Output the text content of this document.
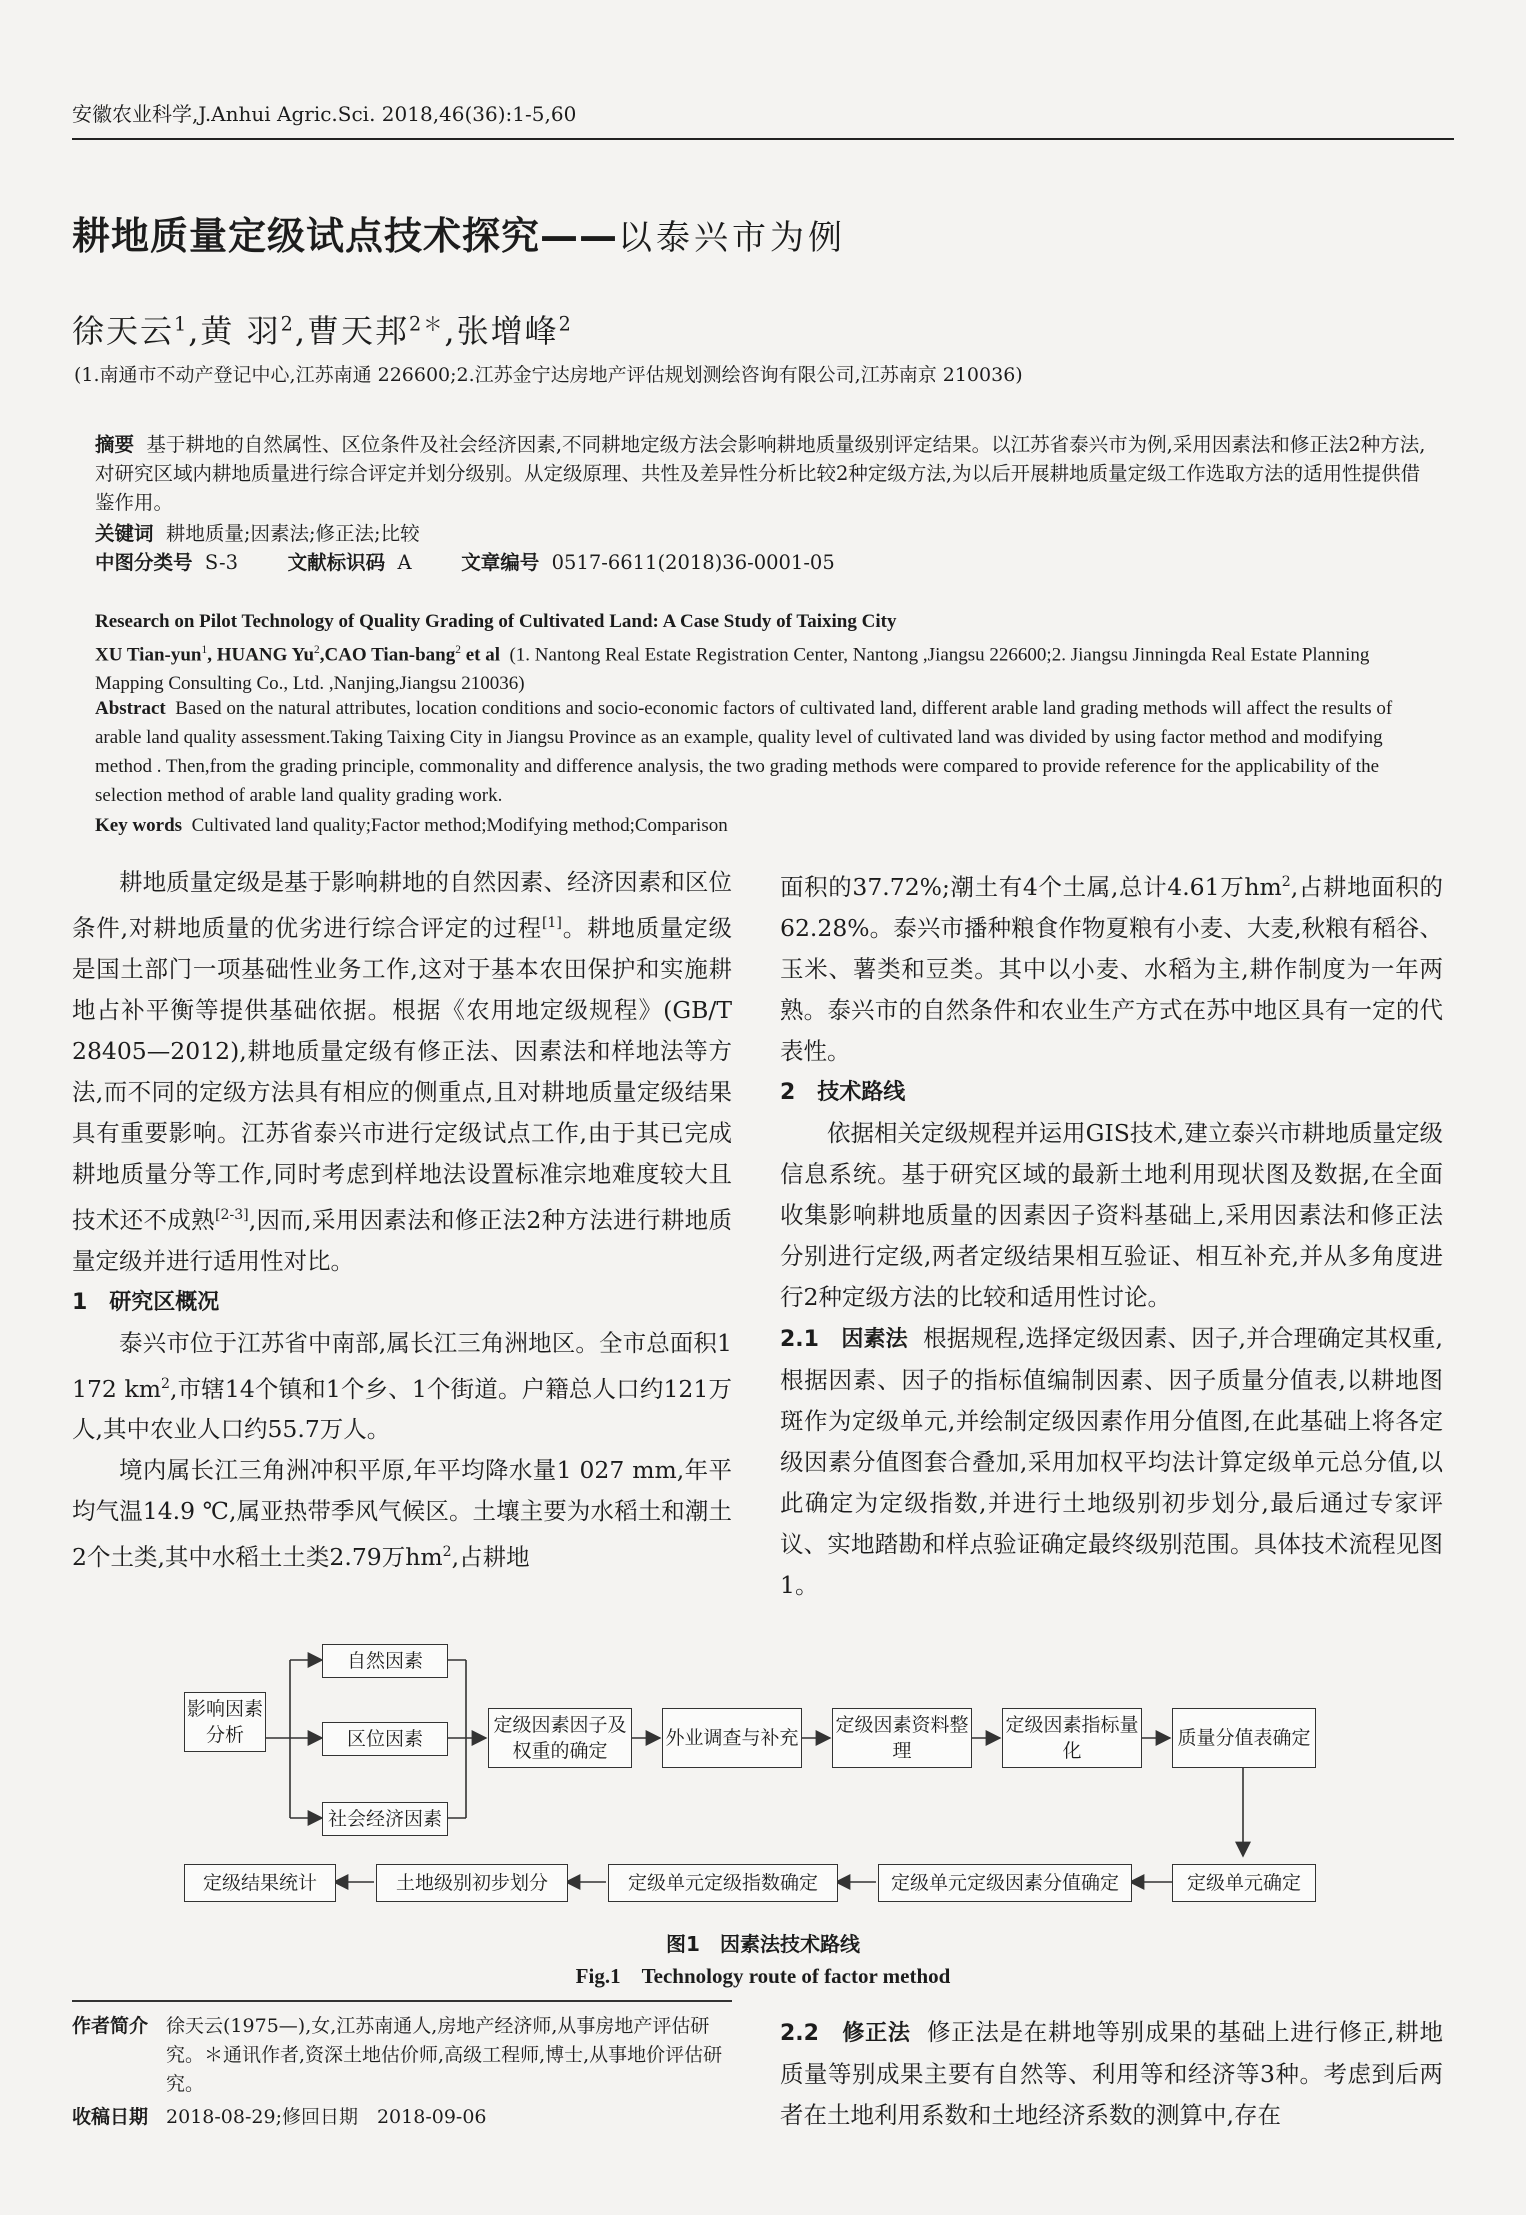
安徽农业科学,J.Anhui Agric.Sci. 2018,46(36):1-5,60
耕地质量定级试点技术探究——以泰兴市为例
徐天云$^1$,黄 羽$^2$,曹天邦$^{2*}$,张增峰$^2$
(1.南通市不动产登记中心,江苏南通 226600;2.江苏金宁达房地产评估规划测绘咨询有限公司,江苏南京 210036)
摘要 基于耕地的自然属性、区位条件及社会经济因素,不同耕地定级方法会影响耕地质量级别评定结果。以江苏省泰兴市为例,采用因素法和修正法2种方法,对研究区域内耕地质量进行综合评定并划分级别。从定级原理、共性及差异性分析比较2种定级方法,为以后开展耕地质量定级工作选取方法的适用性提供借鉴作用。
关键词 耕地质量;因素法;修正法;比较
中图分类号 S-3	文献标识码 A	文章编号 0517-6611(2018)36-0001-05
Research on Pilot Technology of Quality Grading of Cultivated Land: A Case Study of Taixing City
XU Tian-yun$^1$, HUANG Yu$^2$,CAO Tian-bang$^2$ et al (1. Nantong Real Estate Registration Center, Nantong ,Jiangsu 226600;2. Jiangsu Jinningda Real Estate Planning Mapping Consulting Co., Ltd. ,Nanjing,Jiangsu 210036)
Abstract Based on the natural attributes, location conditions and socio-economic factors of cultivated land, different arable land grading methods will affect the results of arable land quality assessment.Taking Taixing City in Jiangsu Province as an example, quality level of cultivated land was divided by using factor method and modifying method . Then,from the grading principle, commonality and difference analysis, the two grading methods were compared to provide reference for the applicability of the selection method of arable land quality grading work.
Key words Cultivated land quality;Factor method;Modifying method;Comparison

耕地质量定级是基于影响耕地的自然因素、经济因素和区位条件,对耕地质量的优劣进行综合评定的过程[1]。耕地质量定级是国土部门一项基础性业务工作,这对于基本农田保护和实施耕地占补平衡等提供基础依据。根据《农用地定级规程》(GB/T 28405—2012),耕地质量定级有修正法、因素法和样地法等方法,而不同的定级方法具有相应的侧重点,且对耕地质量定级结果具有重要影响。江苏省泰兴市进行定级试点工作,由于其已完成耕地质量分等工作,同时考虑到样地法设置标准宗地难度较大且技术还不成熟[2-3],因而,采用因素法和修正法2种方法进行耕地质量定级并进行适用性对比。

1　研究区概况

泰兴市位于江苏省中南部,属长江三角洲地区。全市总面积1 172 $km^2$,市辖14个镇和1个乡、1个街道。户籍总人口约121万人,其中农业人口约55.7万人。

境内属长江三角洲冲积平原,年平均降水量1 027 mm,年平均气温14.9 ℃,属亚热带季风气候区。土壤主要为水稻土和潮土2个土类,其中水稻土土类2.79万$hm^2$,占耕地

面积的37.72%;潮土有4个土属,总计4.61万$hm^2$,占耕地面积的62.28%。泰兴市播种粮食作物夏粮有小麦、大麦,秋粮有稻谷、玉米、薯类和豆类。其中以小麦、水稻为主,耕作制度为一年两熟。泰兴市的自然条件和农业生产方式在苏中地区具有一定的代表性。

2　技术路线

依据相关定级规程并运用GIS技术,建立泰兴市耕地质量定级信息系统。基于研究区域的最新土地利用现状图及数据,在全面收集影响耕地质量的因素因子资料基础上,采用因素法和修正法分别进行定级,两者定级结果相互验证、相互补充,并从多角度进行2种定级方法的比较和适用性讨论。

2.1　因素法 根据规程,选择定级因素、因子,并合理确定其权重,根据因素、因子的指标值编制因素、因子质量分值表,以耕地图斑作为定级单元,并绘制定级因素作用分值图,在此基础上将各定级因素分值图套合叠加,采用加权平均法计算定级单元总分值,以此确定为定级指数,并进行土地级别初步划分,最后通过专家评议、实地踏勘和样点验证确定最终级别范围。具体技术流程见图1。

影响因素分析
自然因素
区位因素
社会经济因素
定级因素因子及权重的确定
外业调查与补充
定级因素资料整理
定级因素指标量化
质量分值表确定
定级单元确定
定级单元定级因素分值确定
定级单元定级指数确定
土地级别初步划分
定级结果统计
图1　因素法技术路线
Fig.1　Technology route of factor method
作者简介 徐天云(1975—),女,江苏南通人,房地产经济师,从事房地产评估研究。＊通讯作者,资深土地估价师,高级工程师,博士,从事地价评估研究。
收稿日期 2018-08-29;修回日期　2018-09-06

2.2　修正法 修正法是在耕地等别成果的基础上进行修正,耕地质量等别成果主要有自然等、利用等和经济等3种。考虑到后两者在土地利用系数和土地经济系数的测算中,存在
